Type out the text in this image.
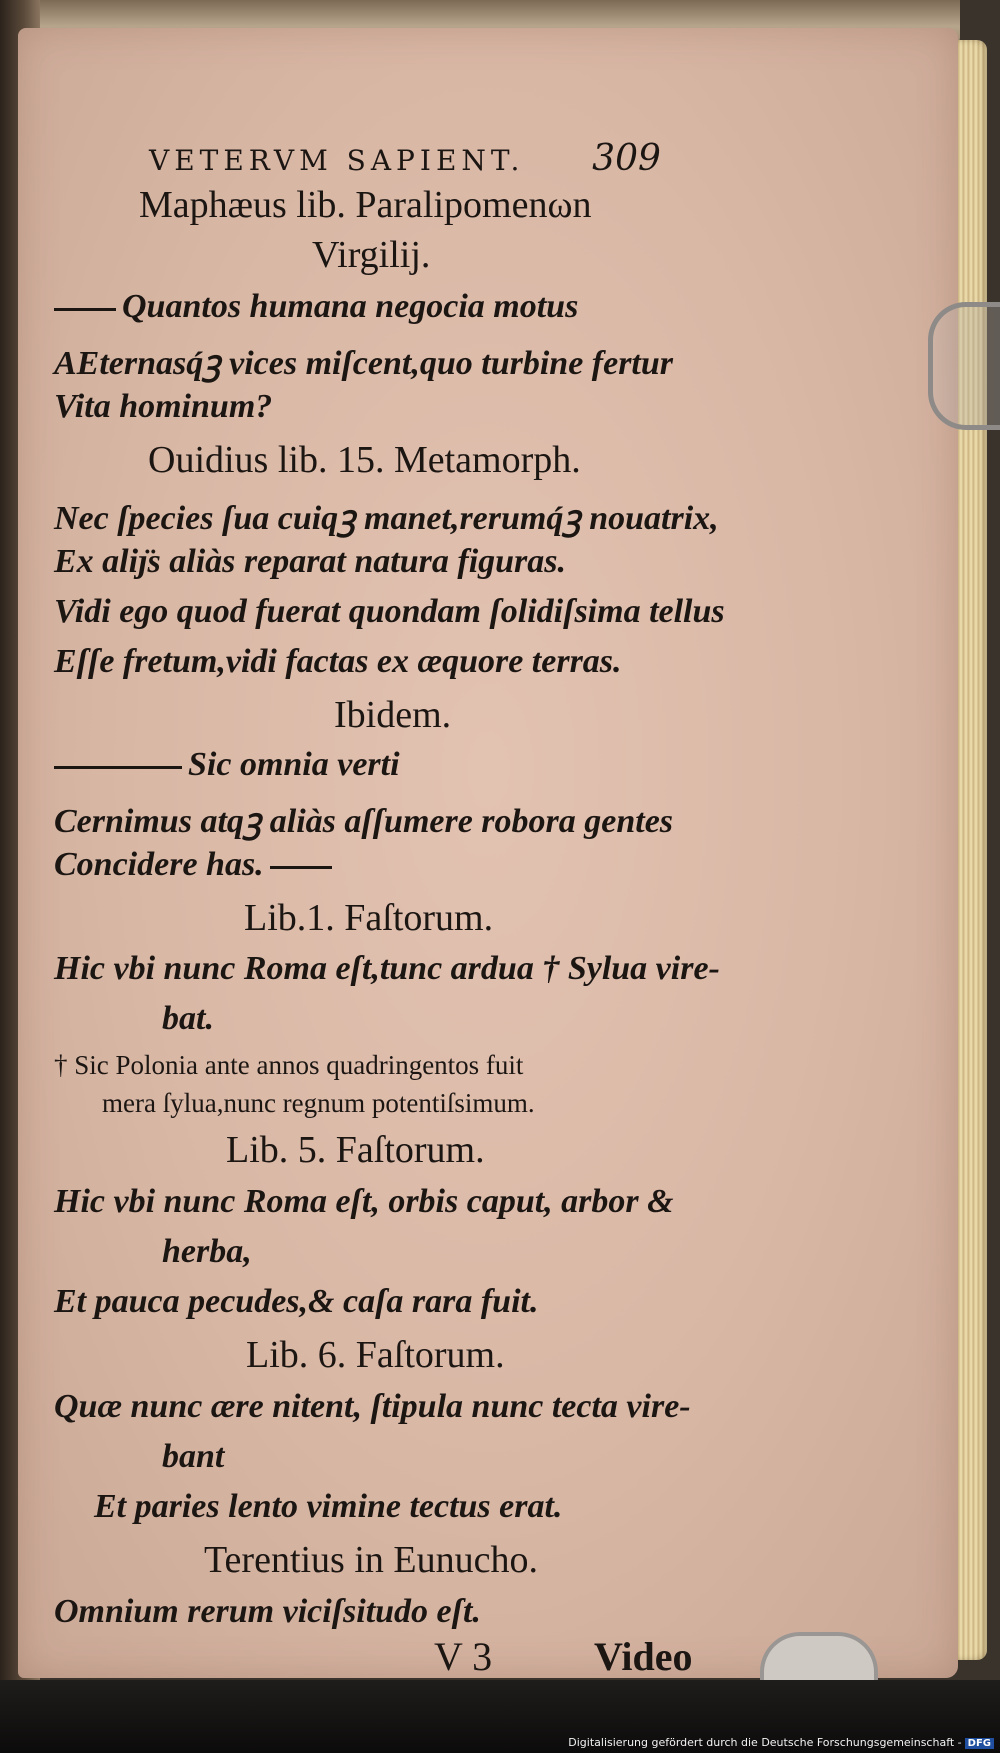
VETERVM SAPIENT. 309
Maphæus lib. Paralipomenωn
Virgilij.
Quantos humana negocia motus
AEternasq́ꝫ vices miſcent,quo turbine fertur
Vita hominum?
Ouidius lib. 15. Metamorph.
Nec ſpecies ſua cuiqꝫ manet,rerumq́ꝫ nouatrix,
Ex aliȷ̈s aliàs reparat natura figuras.
Vidi ego quod fuerat quondam ſolidiſsima tellus
Eſſe fretum,vidi factas ex æquore terras.
Ibidem.
Sic omnia verti
Cernimus atqꝫ aliàs aſſumere robora gentes
Concidere has.
Lib.1. Faſtorum.
Hic vbi nunc Roma eſt,tunc ardua † Sylua vire-
bat.
† Sic Polonia ante annos quadringentos fuit
mera ſylua,nunc regnum potentiſsimum.
Lib. 5. Faſtorum.
Hic vbi nunc Roma eſt, orbis caput, arbor &
herba,
Et pauca pecudes,& caſa rara fuit.
Lib. 6. Faſtorum.
Quæ nunc ære nitent, ſtipula nunc tecta vire-
bant
Et paries lento vimine tectus erat.
Terentius in Eunucho.
Omnium rerum viciſsitudo eſt.
V 3	Video
Digitalisierung gefördert durch die Deutsche Forschungsgemeinschaft - DFG
